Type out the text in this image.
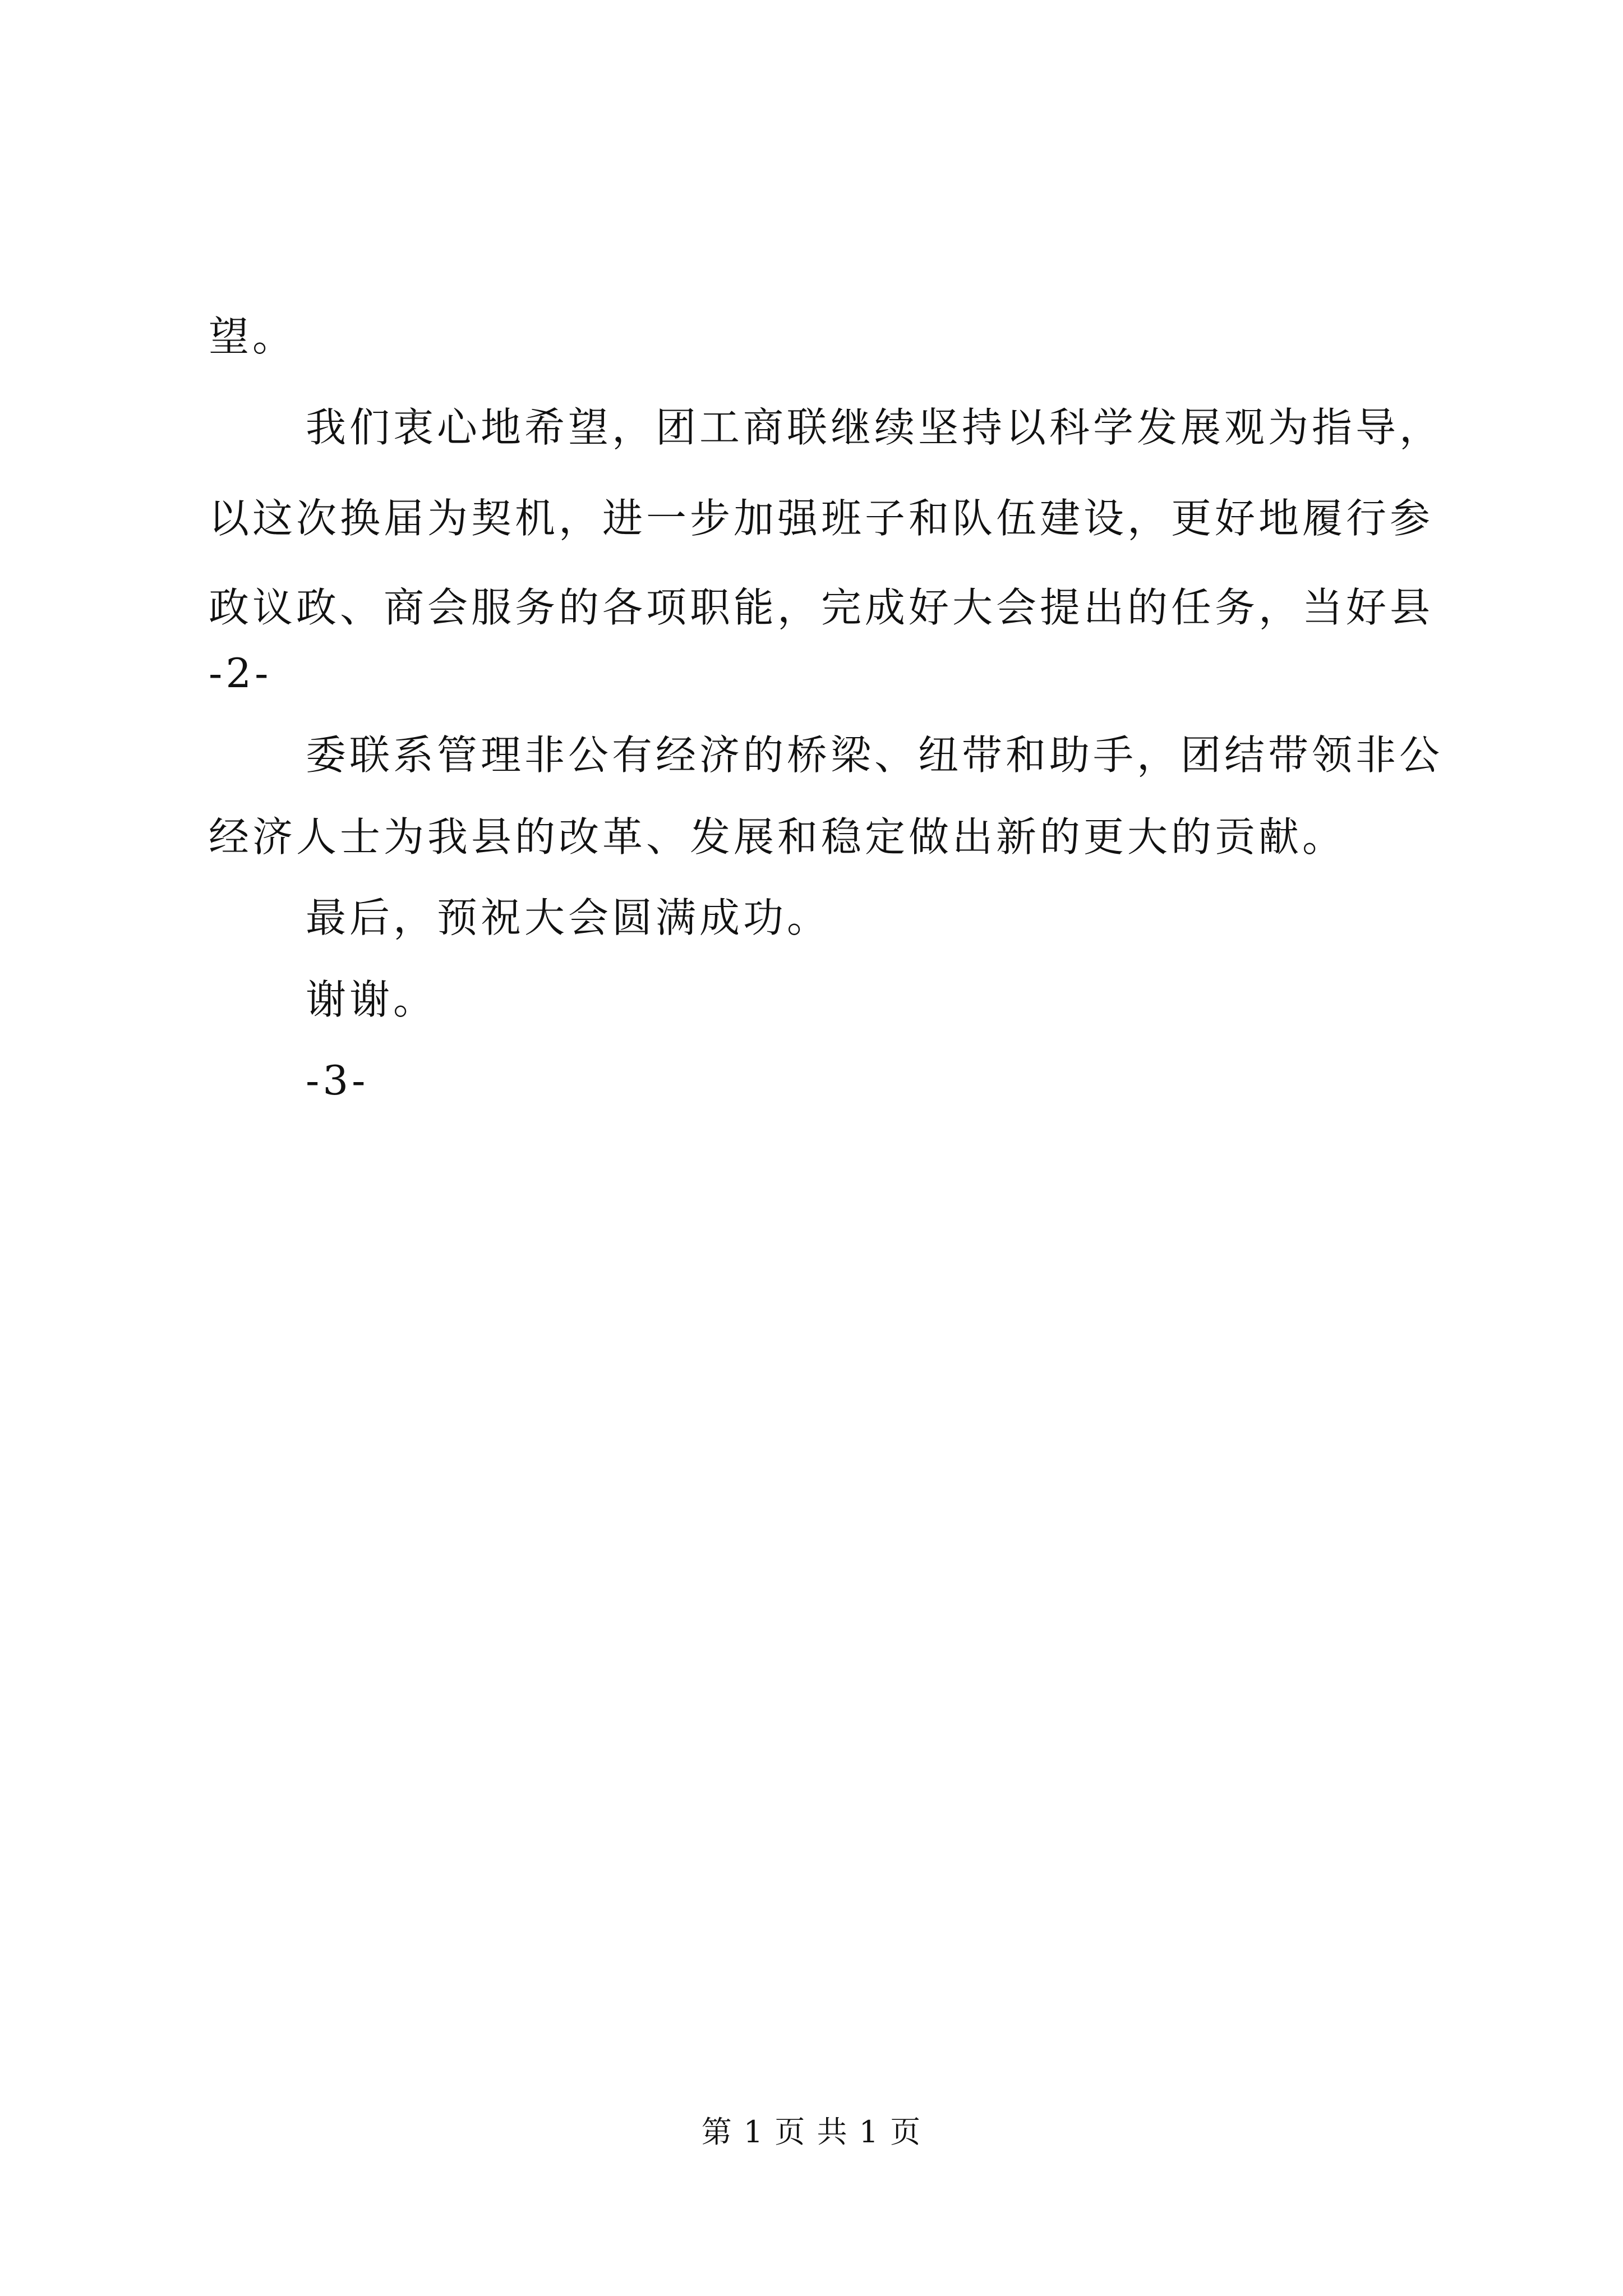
望。
我们衷心地希望，团工商联继续坚持以科学发展观为指导，
以这次换届为契机，进一步加强班子和队伍建设，更好地履行参
政议政、商会服务的各项职能，完成好大会提出的任务，当好县
-2-
委联系管理非公有经济的桥梁、纽带和助手，团结带领非公
经济人士为我县的改革、发展和稳定做出新的更大的贡献。
最后，预祝大会圆满成功。
谢谢。
-3-
第 1 页 共 1 页
